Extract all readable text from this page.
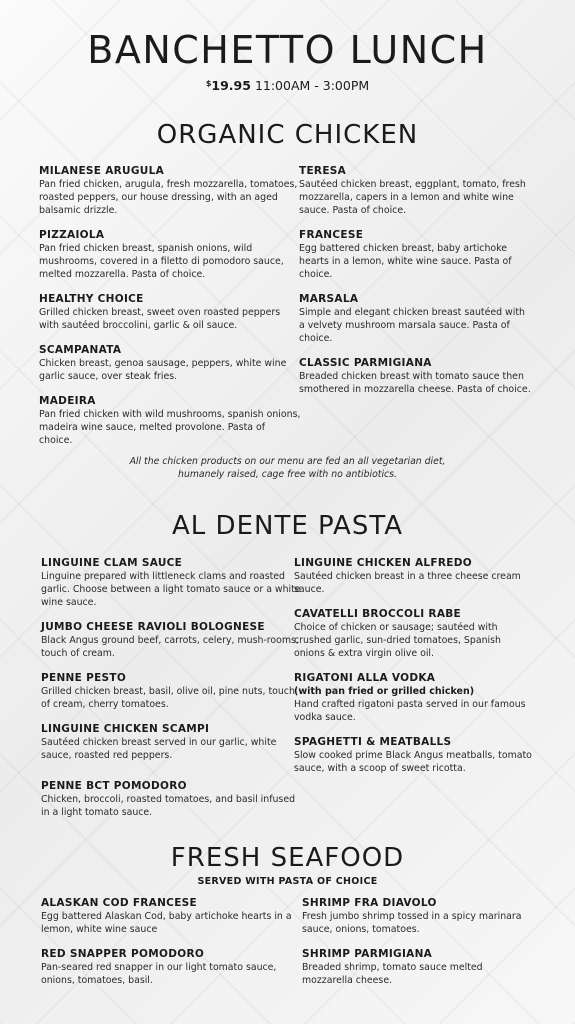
BANCHETTO LUNCH
$19.95 11:00AM - 3:00PM
ORGANIC CHICKEN
MILANESE ARUGULA
Pan fried chicken, arugula, fresh mozzarella, tomatoes, roasted peppers, our house dressing, with an aged balsamic drizzle.
PIZZAIOLA
Pan fried chicken breast, spanish onions, wild mushrooms, covered in a filetto di pomodoro sauce, melted mozzarella. Pasta of choice.
HEALTHY CHOICE
Grilled chicken breast, sweet oven roasted peppers with sautéed broccolini, garlic & oil sauce.
SCAMPANATA
Chicken breast, genoa sausage, peppers, white wine garlic sauce, over steak fries.
MADEIRA
Pan fried chicken with wild mushrooms, spanish onions, madeira wine sauce, melted provolone. Pasta of choice.
TERESA
Sautéed chicken breast, eggplant, tomato, fresh mozzarella, capers in a lemon and white wine sauce. Pasta of choice.
FRANCESE
Egg battered chicken breast, baby artichoke hearts in a lemon, white wine sauce. Pasta of choice.
MARSALA
Simple and elegant chicken breast sautéed with a velvety mushroom marsala sauce. Pasta of choice.
CLASSIC PARMIGIANA
Breaded chicken breast with tomato sauce then smothered in mozzarella cheese. Pasta of choice.
All the chicken products on our menu are fed an all vegetarian diet,
humanely raised, cage free with no antibiotics.
AL DENTE PASTA
LINGUINE CLAM SAUCE
Linguine prepared with littleneck clams and roasted garlic. Choose between a light tomato sauce or a white wine sauce.
JUMBO CHEESE RAVIOLI BOLOGNESE
Black Angus ground beef, carrots, celery, mush-rooms, touch of cream.
PENNE PESTO
Grilled chicken breast, basil, olive oil, pine nuts, touch of cream, cherry tomatoes.
LINGUINE CHICKEN SCAMPI
Sautéed chicken breast served in our garlic, white sauce, roasted red peppers.
PENNE BCT POMODORO
Chicken, broccoli, roasted tomatoes, and basil infused in a light tomato sauce.
LINGUINE CHICKEN ALFREDO
Sautéed chicken breast in a three cheese cream sauce.
CAVATELLI BROCCOLI RABE
Choice of chicken or sausage; sautéed with crushed garlic, sun-dried tomatoes, Spanish onions & extra virgin olive oil.
RIGATONI ALLA VODKA
(with pan fried or grilled chicken)
Hand crafted rigatoni pasta served in our famous vodka sauce.
SPAGHETTI & MEATBALLS
Slow cooked prime Black Angus meatballs, tomato sauce, with a scoop of sweet ricotta.
FRESH SEAFOOD
SERVED WITH PASTA OF CHOICE
ALASKAN COD FRANCESE
Egg battered Alaskan Cod, baby artichoke hearts in a lemon, white wine sauce
RED SNAPPER POMODORO
Pan-seared red snapper in our light tomato sauce, onions, tomatoes, basil.
SHRIMP FRA DIAVOLO
Fresh jumbo shrimp tossed in a spicy marinara sauce, onions, tomatoes.
SHRIMP PARMIGIANA
Breaded shrimp, tomato sauce melted mozzarella cheese.
